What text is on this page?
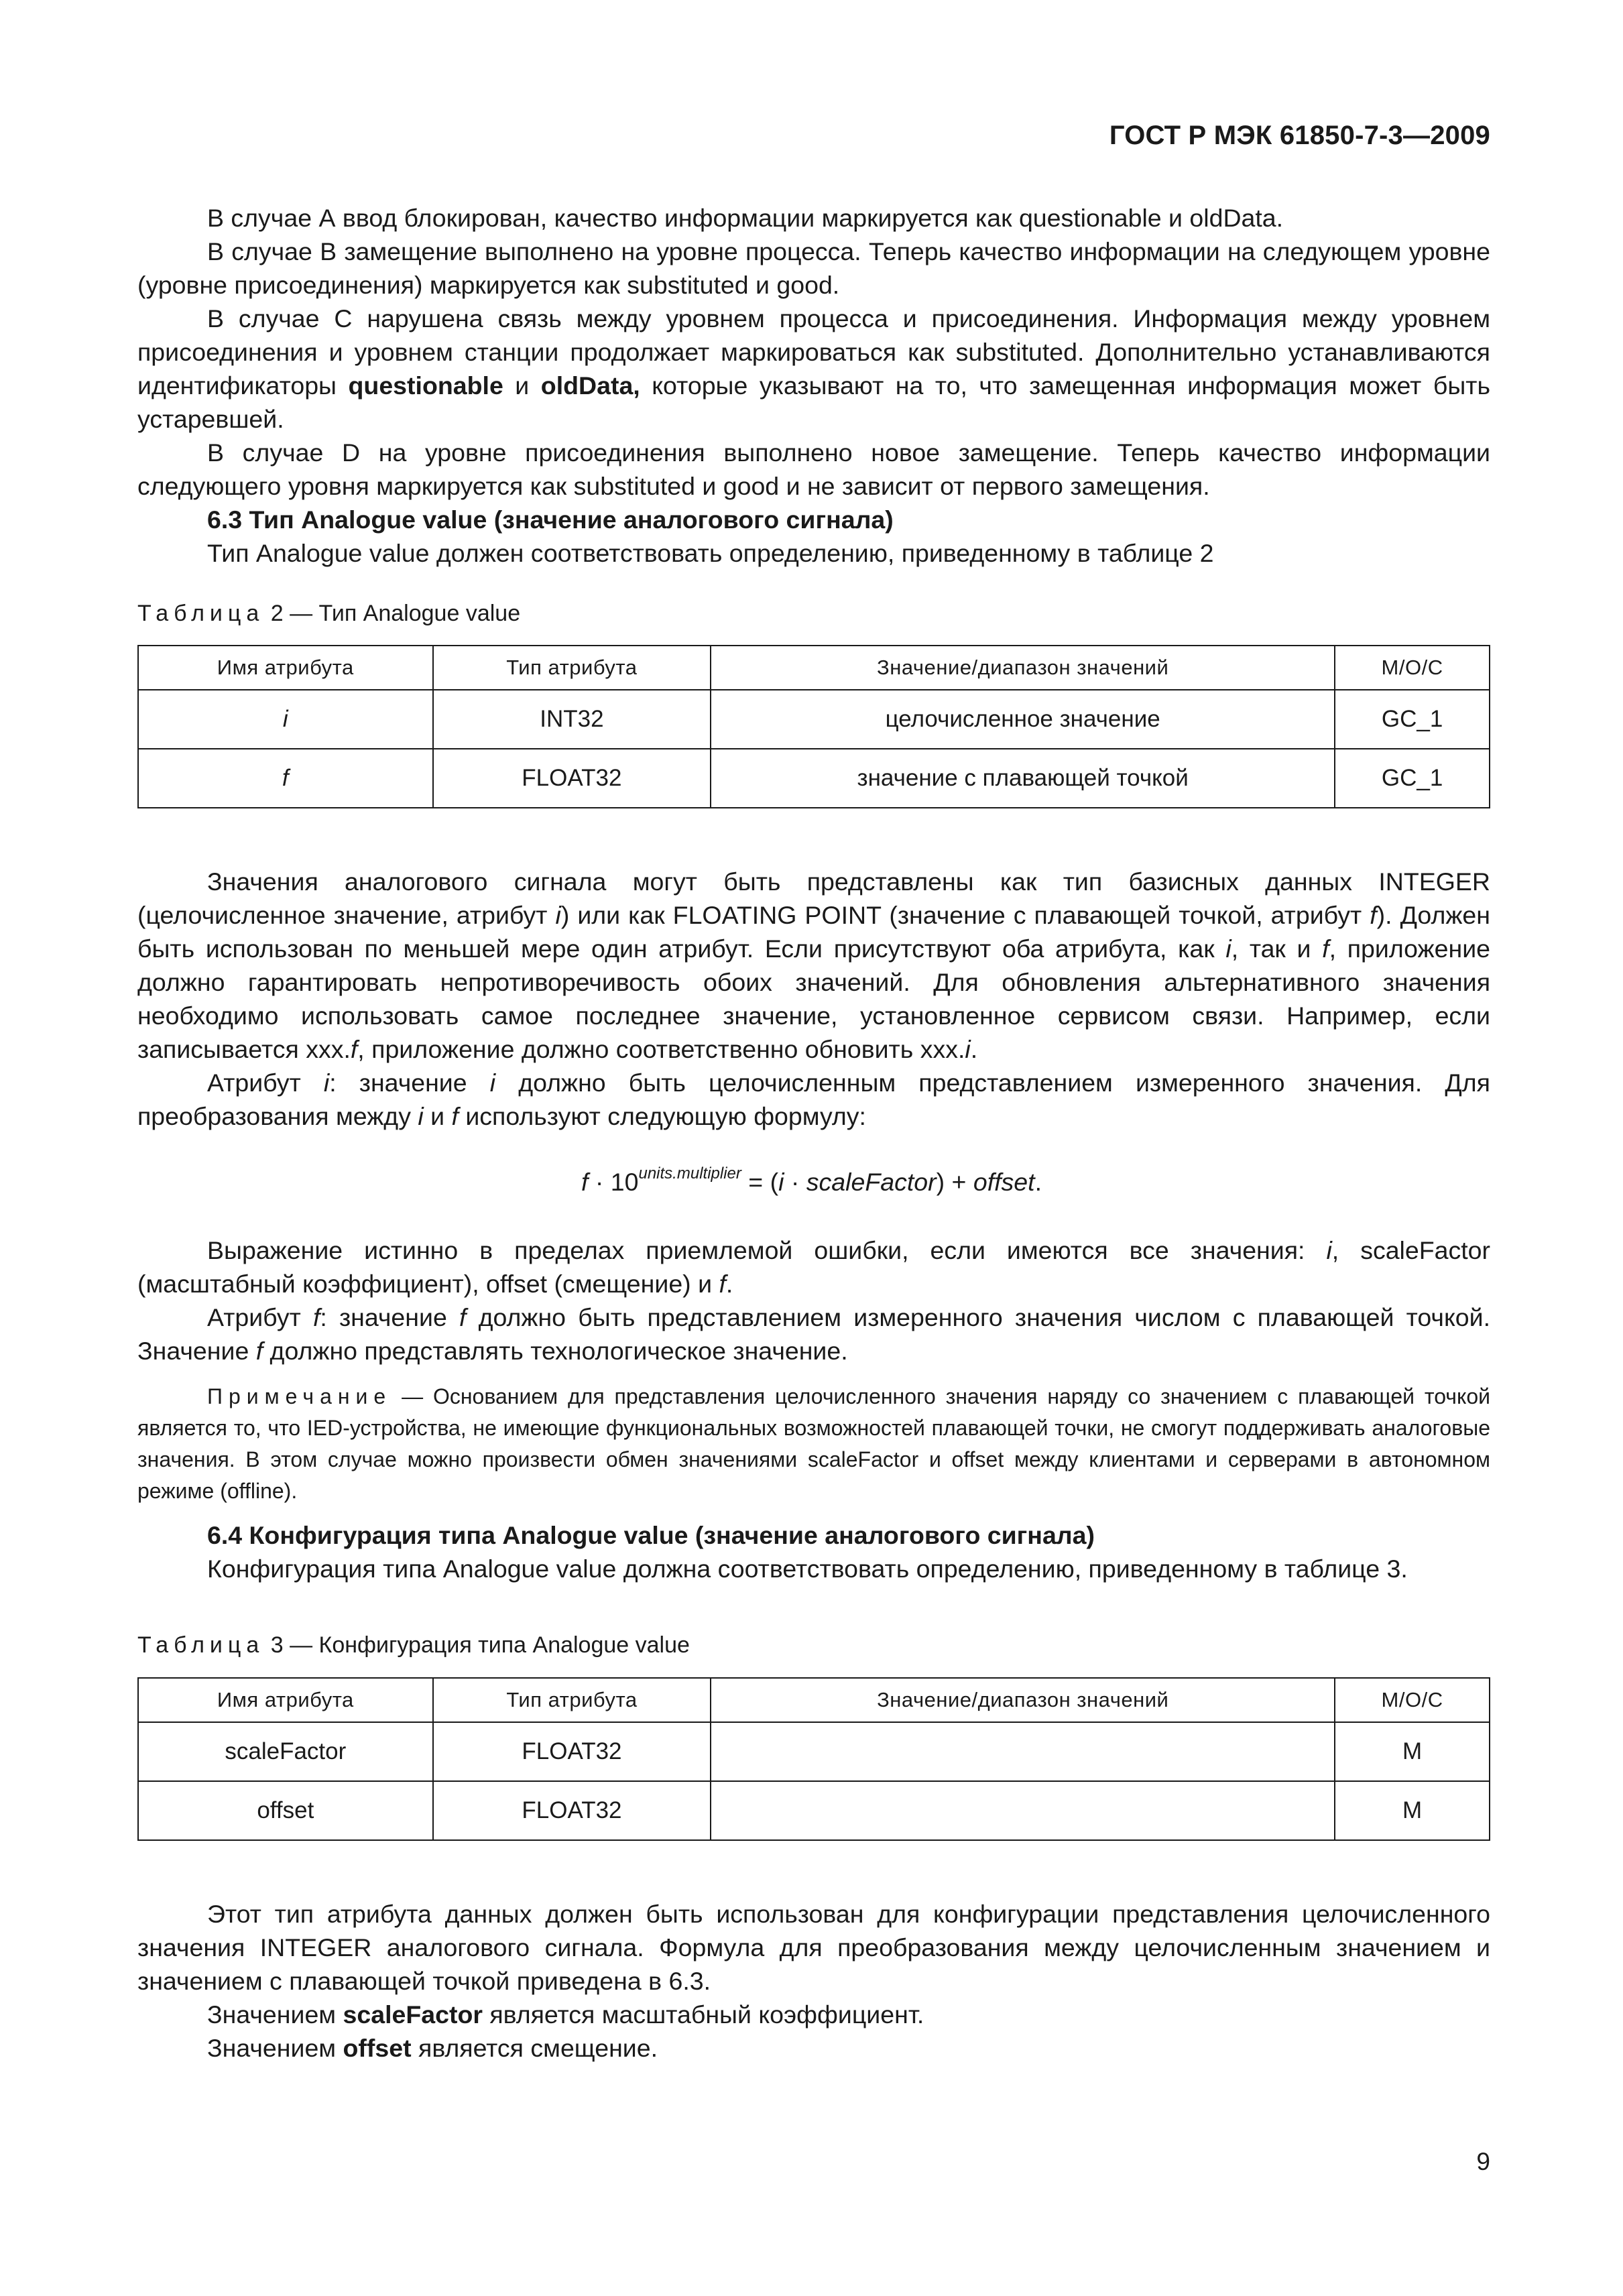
ГОСТ Р МЭК 61850-7-3—2009

В случае А ввод блокирован, качество информации маркируется как questionable и oldData.

В случае В замещение выполнено на уровне процесса. Теперь качество информации на следующем уровне (уровне присоединения) маркируется как substituted и good.

В случае С нарушена связь между уровнем процесса и присоединения. Информация между уровнем присоединения и уровнем станции продолжает маркироваться как substituted. Дополнительно устанавливаются идентификаторы questionable и oldData, которые указывают на то, что замещенная информация может быть устаревшей.

В случае D на уровне присоединения выполнено новое замещение. Теперь качество информации следующего уровня маркируется как substituted и good и не зависит от первого замещения.

6.3 Тип Analogue value (значение аналогового сигнала)

Тип Analogue value должен соответствовать определению, приведенному в таблице 2

Таблица 2 — Тип Analogue value
Имя атрибута	Тип атрибута	Значение/диапазон значений	M/O/C
i	INT32	целочисленное значение	GC_1
f	FLOAT32	значение с плавающей точкой	GC_1

Значения аналогового сигнала могут быть представлены как тип базисных данных INTEGER (целочисленное значение, атрибут i) или как FLOATING POINT (значение с плавающей точкой, атрибут f). Должен быть использован по меньшей мере один атрибут. Если присутствуют оба атрибута, как i, так и f, приложение должно гарантировать непротиворечивость обоих значений. Для обновления альтернативного значения необходимо использовать самое последнее значение, установленное сервисом связи. Например, если записывается xxx.f, приложение должно соответственно обновить xxx.i.

Атрибут i: значение i должно быть целочисленным представлением измеренного значения. Для преобразования между i и f используют следующую формулу:

$f \cdot 10^{units.multiplier} = (i$ · scaleFactor) + offset.

Выражение истинно в пределах приемлемой ошибки, если имеются все значения: i, scaleFactor (масштабный коэффициент), offset (смещение) и f.

Атрибут f: значение f должно быть представлением измеренного значения числом с плавающей точкой. Значение f должно представлять технологическое значение.

Примечание — Основанием для представления целочисленного значения наряду со значением с плавающей точкой является то, что IED-устройства, не имеющие функциональных возможностей плавающей точки, не смогут поддерживать аналоговые значения. В этом случае можно произвести обмен значениями scaleFactor и offset между клиентами и серверами в автономном режиме (offline).

6.4 Конфигурация типа Analogue value (значение аналогового сигнала)

Конфигурация типа Analogue value должна соответствовать определению, приведенному в таблице 3.

Таблица 3 — Конфигурация типа Analogue value
Имя атрибута	Тип атрибута	Значение/диапазон значений	M/O/C
scaleFactor	FLOAT32		M
offset	FLOAT32		M

Этот тип атрибута данных должен быть использован для конфигурации представления целочисленного значения INTEGER аналогового сигнала. Формула для преобразования между целочисленным значением и значением с плавающей точкой приведена в 6.3.

Значением scaleFactor является масштабный коэффициент.

Значением offset является смещение.

9
